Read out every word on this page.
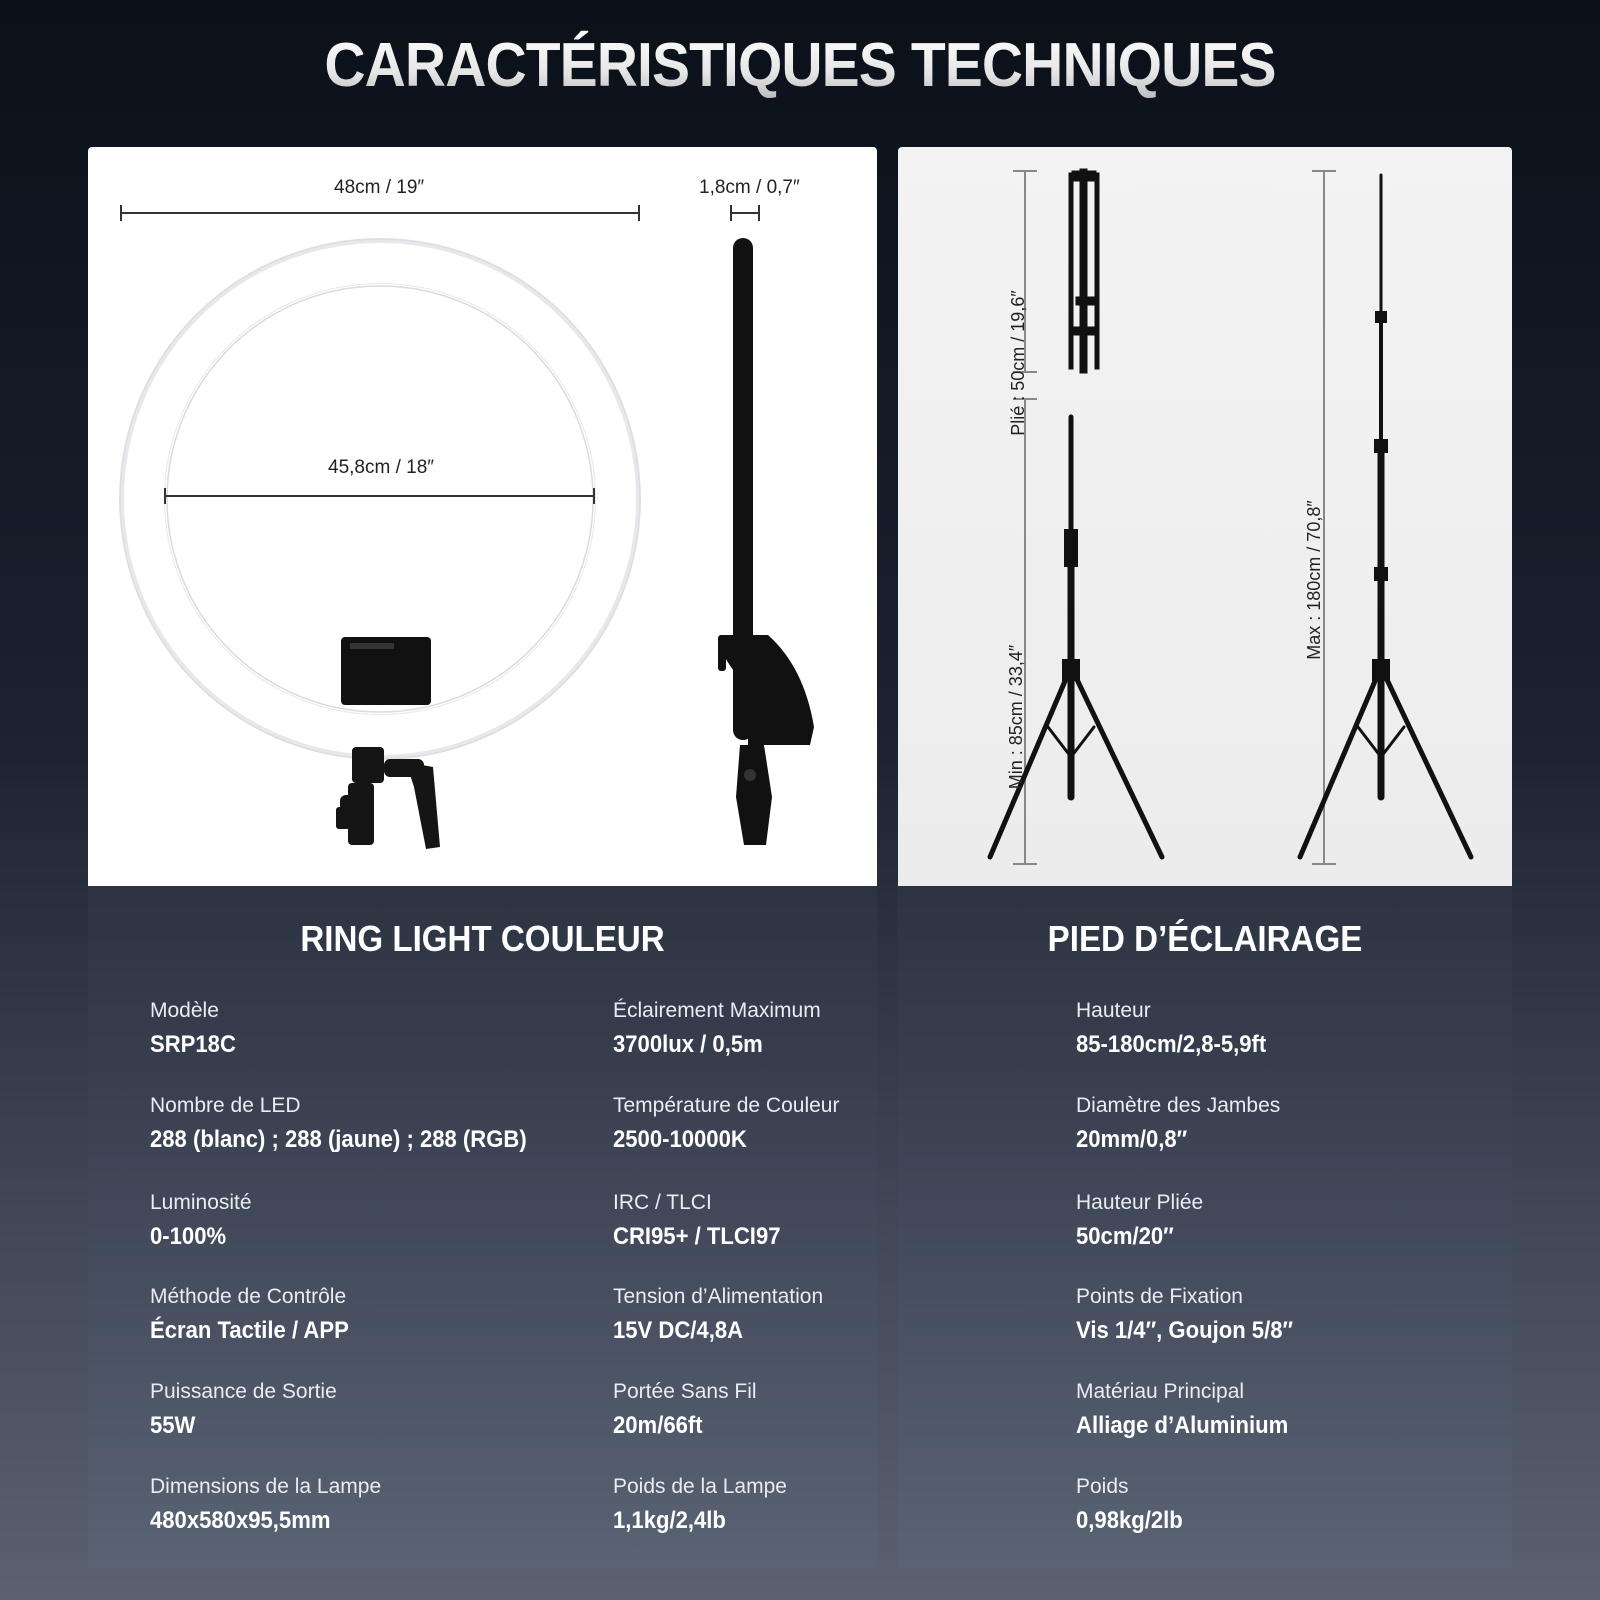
CARACTÉRISTIQUES TECHNIQUES
48cm / 19″
45,8cm / 18″
1,8cm / 0,7″
RING LIGHT COULEUR
Modèle
SRP18C
Nombre de LED
288 (blanc) ; 288 (jaune) ; 288 (RGB)
Luminosité
0-100%
Méthode de Contrôle
Écran Tactile / APP
Puissance de Sortie
55W
Dimensions de la Lampe
480x580x95,5mm
Éclairement Maximum
3700lux / 0,5m
Température de Couleur
2500-10000K
IRC / TLCI
CRI95+ / TLCI97
Tension d’Alimentation
15V DC/4,8A
Portée Sans Fil
20m/66ft
Poids de la Lampe
1,1kg/2,4lb
Plié : 50cm / 19,6″
Min : 85cm / 33,4″
Max : 180cm / 70,8″
PIED D’ÉCLAIRAGE
Hauteur
85-180cm/2,8-5,9ft
Diamètre des Jambes
20mm/0,8″
Hauteur Pliée
50cm/20″
Points de Fixation
Vis 1/4″, Goujon 5/8″
Matériau Principal
Alliage d’Aluminium
Poids
0,98kg/2lb
